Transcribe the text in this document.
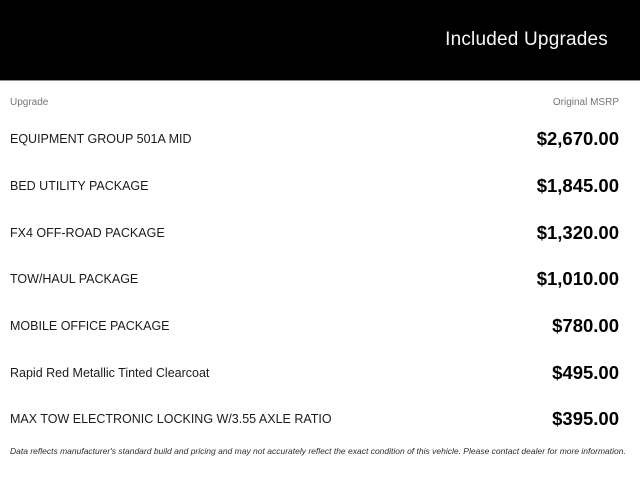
Included Upgrades
Upgrade	Original MSRP
EQUIPMENT GROUP 501A MID	$2,670.00
BED UTILITY PACKAGE	$1,845.00
FX4 OFF-ROAD PACKAGE	$1,320.00
TOW/HAUL PACKAGE	$1,010.00
MOBILE OFFICE PACKAGE	$780.00
Rapid Red Metallic Tinted Clearcoat	$495.00
MAX TOW ELECTRONIC LOCKING W/3.55 AXLE RATIO	$395.00
Data reflects manufacturer's standard build and pricing and may not accurately reflect the exact condition of this vehicle. Please contact dealer for more information.
